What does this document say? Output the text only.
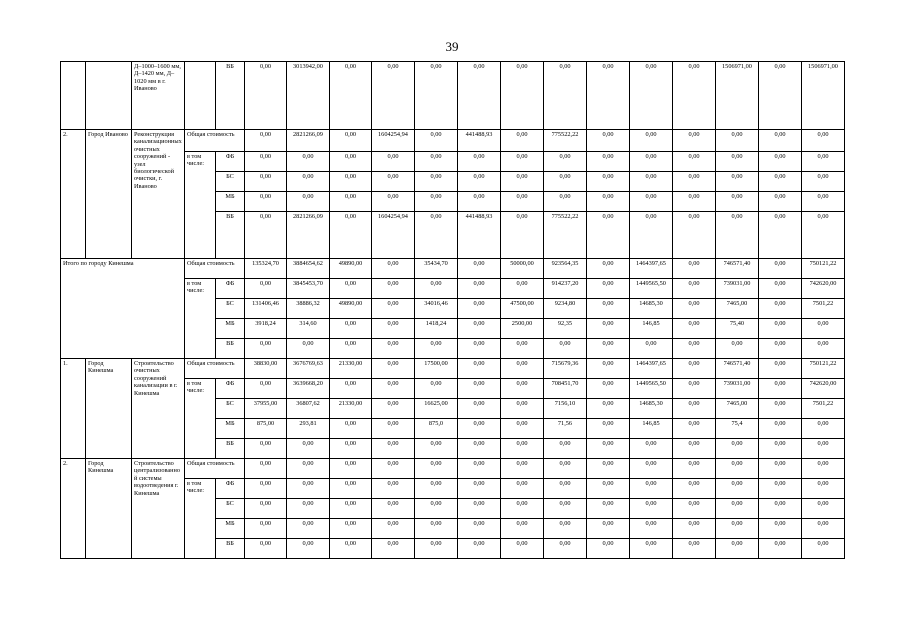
39
		Д–1000–1600 мм, Д–1420 мм, Д–1020 мм в г. Иваново		ВБ	0,00	3013942,00	0,00	0,00	0,00	0,00	0,00	0,00	0,00	0,00	0,00	1506971,00	0,00	1506971,00
2.	Город Иваново	Реконструкция канализационных очистных сооружений - узел биологической очистки, г. Иваново	Общая стоимость		0,00	2821266,09	0,00	1604254,94	0,00	441488,93	0,00	775522,22	0,00	0,00	0,00	0,00	0,00	0,00
			в том числе:	ФБ	0,00	0,00	0,00	0,00	0,00	0,00	0,00	0,00	0,00	0,00	0,00	0,00	0,00	0,00
				БС	0,00	0,00	0,00	0,00	0,00	0,00	0,00	0,00	0,00	0,00	0,00	0,00	0,00	0,00
				МБ	0,00	0,00	0,00	0,00	0,00	0,00	0,00	0,00	0,00	0,00	0,00	0,00	0,00	0,00
				ВБ	0,00	2821266,09	0,00	1604254,94	0,00	441488,93	0,00	775522,22	0,00	0,00	0,00	0,00	0,00	0,00
Итого по городу Кинешма			Общая стоимость		135324,70	3884654,62	49890,00	0,00	35434,70	0,00	50000,00	923564,35	0,00	1464397,65	0,00	746571,40	0,00	750121,22
			в том числе:	ФБ	0,00	3845453,70	0,00	0,00	0,00	0,00	0,00	914237,20	0,00	1449565,50	0,00	739031,00	0,00	742620,00
				БС	131406,46	38886,32	49890,00	0,00	34016,46	0,00	47500,00	9234,80	0,00	14685,30	0,00	7465,00	0,00	7501,22
				МБ	3918,24	314,60	0,00	0,00	1418,24	0,00	2500,00	92,35	0,00	146,85	0,00	75,40	0,00	0,00
				ВБ	0,00	0,00	0,00	0,00	0,00	0,00	0,00	0,00	0,00	0,00	0,00	0,00	0,00	0,00
1.	Город Кинешма	Строительство очистных сооружений канализации в г. Кинешма	Общая стоимость		38830,00	3676769,63	21330,00	0,00	17500,00	0,00	0,00	715679,36	0,00	1464397,65	0,00	746571,40	0,00	750121,22
			в том числе:	ФБ	0,00	3639668,20	0,00	0,00	0,00	0,00	0,00	708451,70	0,00	1449565,50	0,00	739031,00	0,00	742620,00
				БС	37955,00	36807,62	21330,00	0,00	16625,00	0,00	0,00	7156,10	0,00	14685,30	0,00	7465,00	0,00	7501,22
				МБ	875,00	293,81	0,00	0,00	875,0	0,00	0,00	71,56	0,00	146,85	0,00	75,4	0,00	0,00
				ВБ	0,00	0,00	0,00	0,00	0,00	0,00	0,00	0,00	0,00	0,00	0,00	0,00	0,00	0,00
2.	Город Кинешма	Строительство централизованной системы водоотведения г. Кинешма	Общая стоимость		0,00	0,00	0,00	0,00	0,00	0,00	0,00	0,00	0,00	0,00	0,00	0,00	0,00	0,00
			в том числе:	ФБ	0,00	0,00	0,00	0,00	0,00	0,00	0,00	0,00	0,00	0,00	0,00	0,00	0,00	0,00
				БС	0,00	0,00	0,00	0,00	0,00	0,00	0,00	0,00	0,00	0,00	0,00	0,00	0,00	0,00
				МБ	0,00	0,00	0,00	0,00	0,00	0,00	0,00	0,00	0,00	0,00	0,00	0,00	0,00	0,00
				ВБ	0,00	0,00	0,00	0,00	0,00	0,00	0,00	0,00	0,00	0,00	0,00	0,00	0,00	0,00
